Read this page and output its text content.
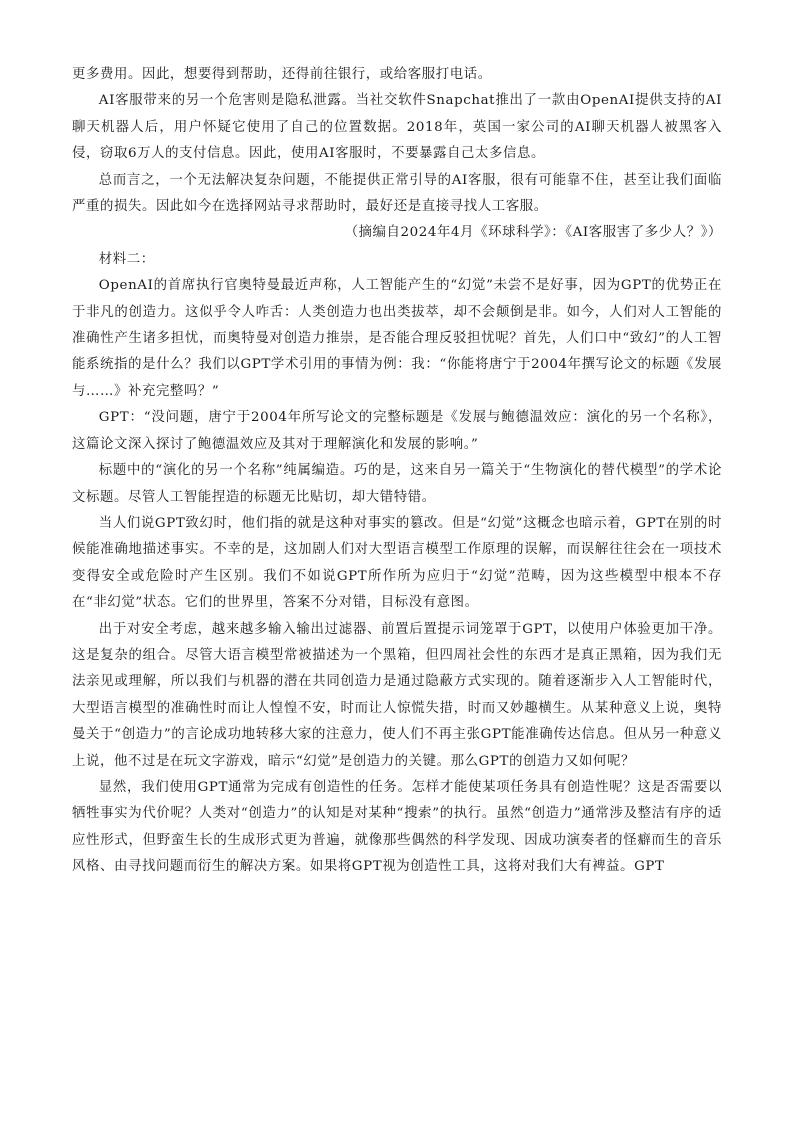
更多费用。因此，想要得到帮助，还得前往银行，或给客服打电话。

AI客服带来的另一个危害则是隐私泄露。当社交软件Snapchat推出了一款由OpenAI提供支持的AI聊天机器人后，用户怀疑它使用了自己的位置数据。2018年，英国一家公司的AI聊天机器人被黑客入侵，窃取6万人的支付信息。因此，使用AI客服时，不要暴露自己太多信息。

总而言之，一个无法解决复杂问题，不能提供正常引导的AI客服，很有可能靠不住，甚至让我们面临严重的损失。因此如今在选择网站寻求帮助时，最好还是直接寻找人工客服。

（摘编自2024年4月《环球科学》：《AI客服害了多少人？》）

材料二：

OpenAI的首席执行官奥特曼最近声称，人工智能产生的“幻觉”未尝不是好事，因为GPT的优势正在于非凡的创造力。这似乎令人咋舌：人类创造力也出类拔萃，却不会颠倒是非。如今，人们对人工智能的准确性产生诸多担忧，而奥特曼对创造力推崇，是否能合理反驳担忧呢？首先，人们口中“致幻”的人工智能系统指的是什么？我们以GPT学术引用的事情为例：我：“你能将唐宁于2004年撰写论文的标题《发展与……》补充完整吗？”

GPT：“没问题，唐宁于2004年所写论文的完整标题是《发展与鲍德温效应：演化的另一个名称》，这篇论文深入探讨了鲍德温效应及其对于理解演化和发展的影响。”

标题中的“演化的另一个名称”纯属编造。巧的是，这来自另一篇关于“生物演化的替代模型”的学术论文标题。尽管人工智能捏造的标题无比贴切，却大错特错。

当人们说GPT致幻时，他们指的就是这种对事实的篡改。但是“幻觉”这概念也暗示着，GPT在别的时候能准确地描述事实。不幸的是，这加剧人们对大型语言模型工作原理的误解，而误解往往会在一项技术变得安全或危险时产生区别。我们不如说GPT所作所为应归于“幻觉”范畴，因为这些模型中根本不存在“非幻觉”状态。它们的世界里，答案不分对错，目标没有意图。

出于对安全考虑，越来越多输入输出过滤器、前置后置提示词笼罩于GPT，以使用户体验更加干净。这是复杂的组合。尽管大语言模型常被描述为一个黑箱，但四周社会性的东西才是真正黑箱，因为我们无法亲见或理解，所以我们与机器的潜在共同创造力是通过隐蔽方式实现的。随着逐渐步入人工智能时代，大型语言模型的准确性时而让人惶惶不安，时而让人惊慌失措，时而又妙趣横生。从某种意义上说，奥特曼关于“创造力”的言论成功地转移大家的注意力，使人们不再主张GPT能准确传达信息。但从另一种意义上说，他不过是在玩文字游戏，暗示“幻觉”是创造力的关键。那么GPT的创造力又如何呢？

显然，我们使用GPT通常为完成有创造性的任务。怎样才能使某项任务具有创造性呢？这是否需要以牺牲事实为代价呢？人类对“创造力”的认知是对某种“搜索”的执行。虽然“创造力”通常涉及整洁有序的适应性形式，但野蛮生长的生成形式更为普遍，就像那些偶然的科学发现、因成功演奏者的怪癖而生的音乐风格、由寻找问题而衍生的解决方案。如果将GPT视为创造性工具，这将对我们大有裨益。GPT
